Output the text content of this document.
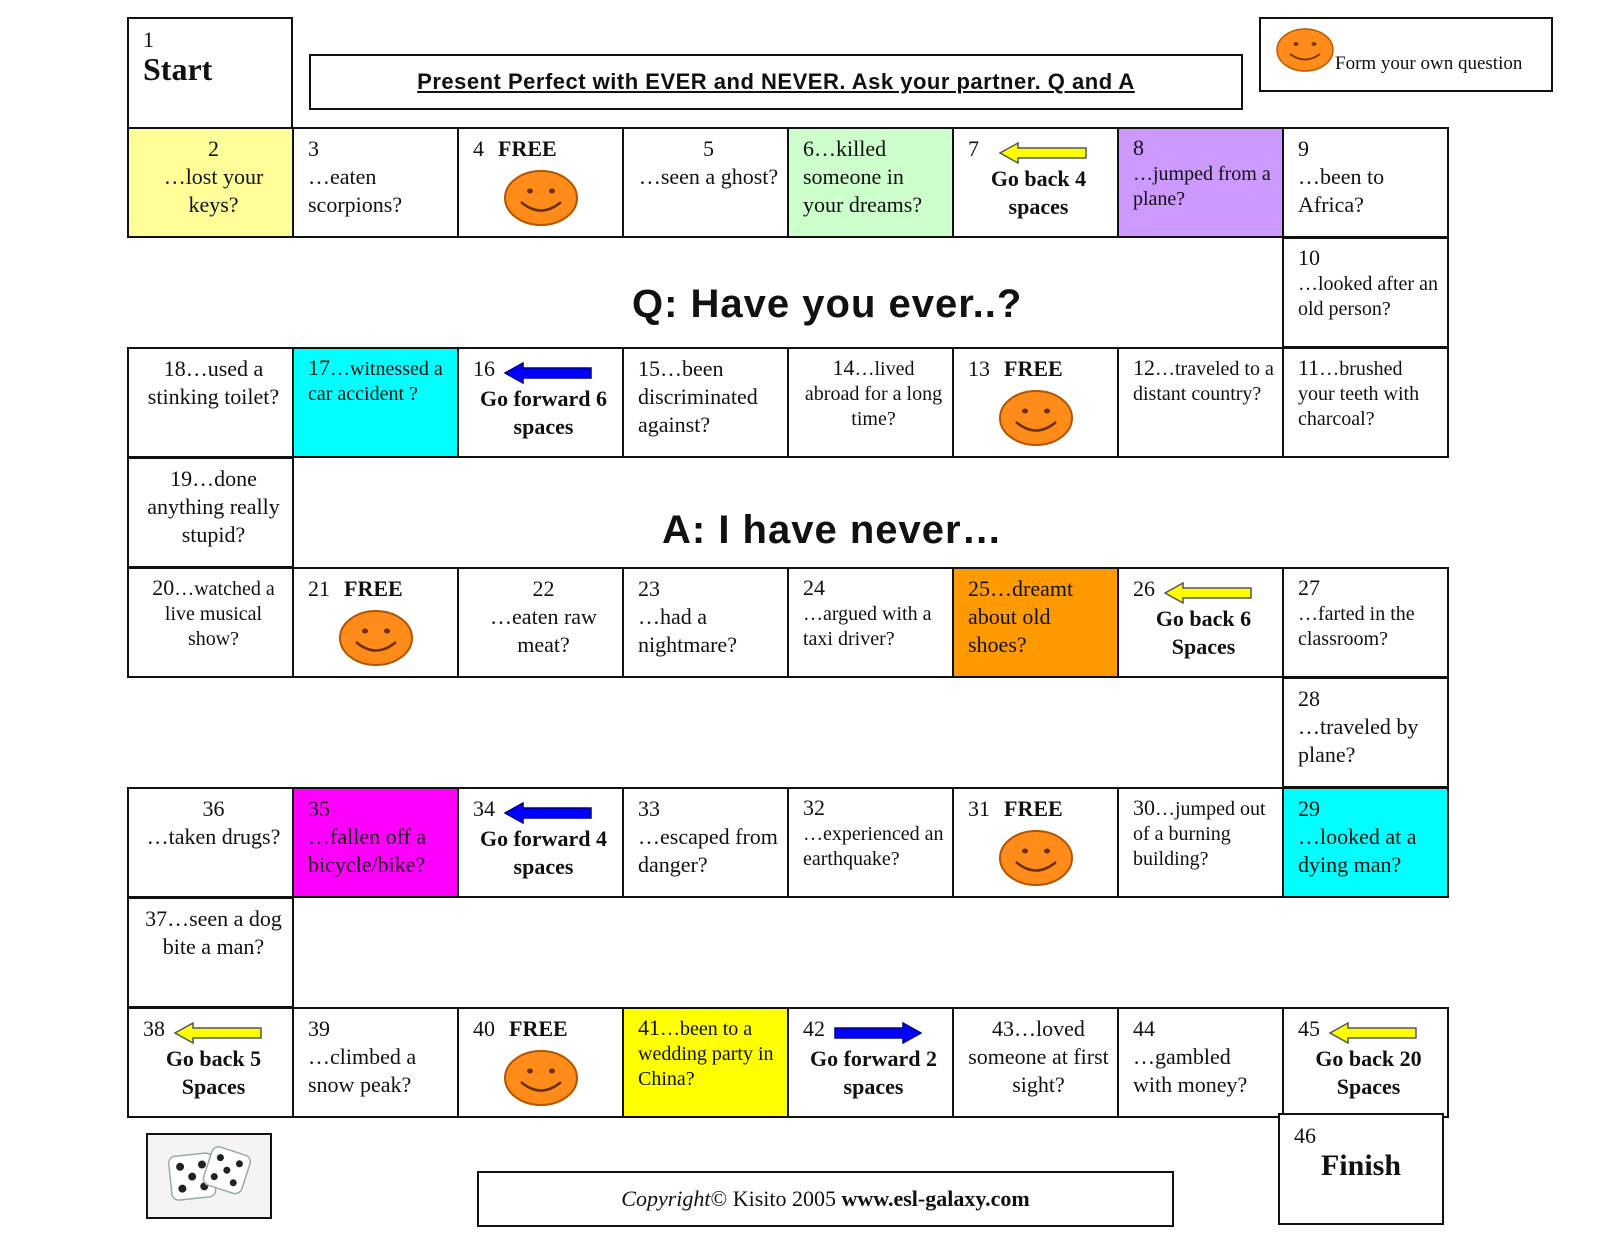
1
Start	Present Perfect with EVER and NEVER. Ask your partner. Q and A
Form your own question
Q: Have you ever..?
A: I have never…
2
…lost your keys?
3
…eaten scorpions?
4 FREE	5
…seen a ghost?
6…killed someone in your dreams?
7
Go back 4 spaces
8
…jumped from a plane?
9
…been to Africa?
10
…looked after an old person?
11…brushed your teeth with charcoal?
12…traveled to a distant country?
13 FREE
14…lived abroad for a long time?
15…been discriminated against?
16
Go forward 6 spaces
17…witnessed a car accident ?
18…used a stinking toilet?
19…done anything really stupid?
20…watched a live musical show?
21 FREE	22
…eaten raw meat?
23
…had a nightmare?
24
…argued with a taxi driver?
25…dreamt about old shoes?
26
Go back 6 Spaces
27
…farted in the classroom?
28
…traveled by plane?
29
…looked at a dying man?
30…jumped out of a burning building?
31 FREE
32
…experienced an earthquake?
33
…escaped from danger?
34
Go forward 4 spaces
35
…fallen off a bicycle/bike?
36
…taken drugs?
37…seen a dog bite a man?
38
Go back 5 Spaces
39
…climbed a snow peak?
40 FREE	41…been to a wedding party in China?
42
Go forward 2 spaces
43…loved someone at first sight?
44
…gambled with money?
45
Go back 20 Spaces
46
Finish
Copyright © Kisito 2005 www.esl-galaxy.com
